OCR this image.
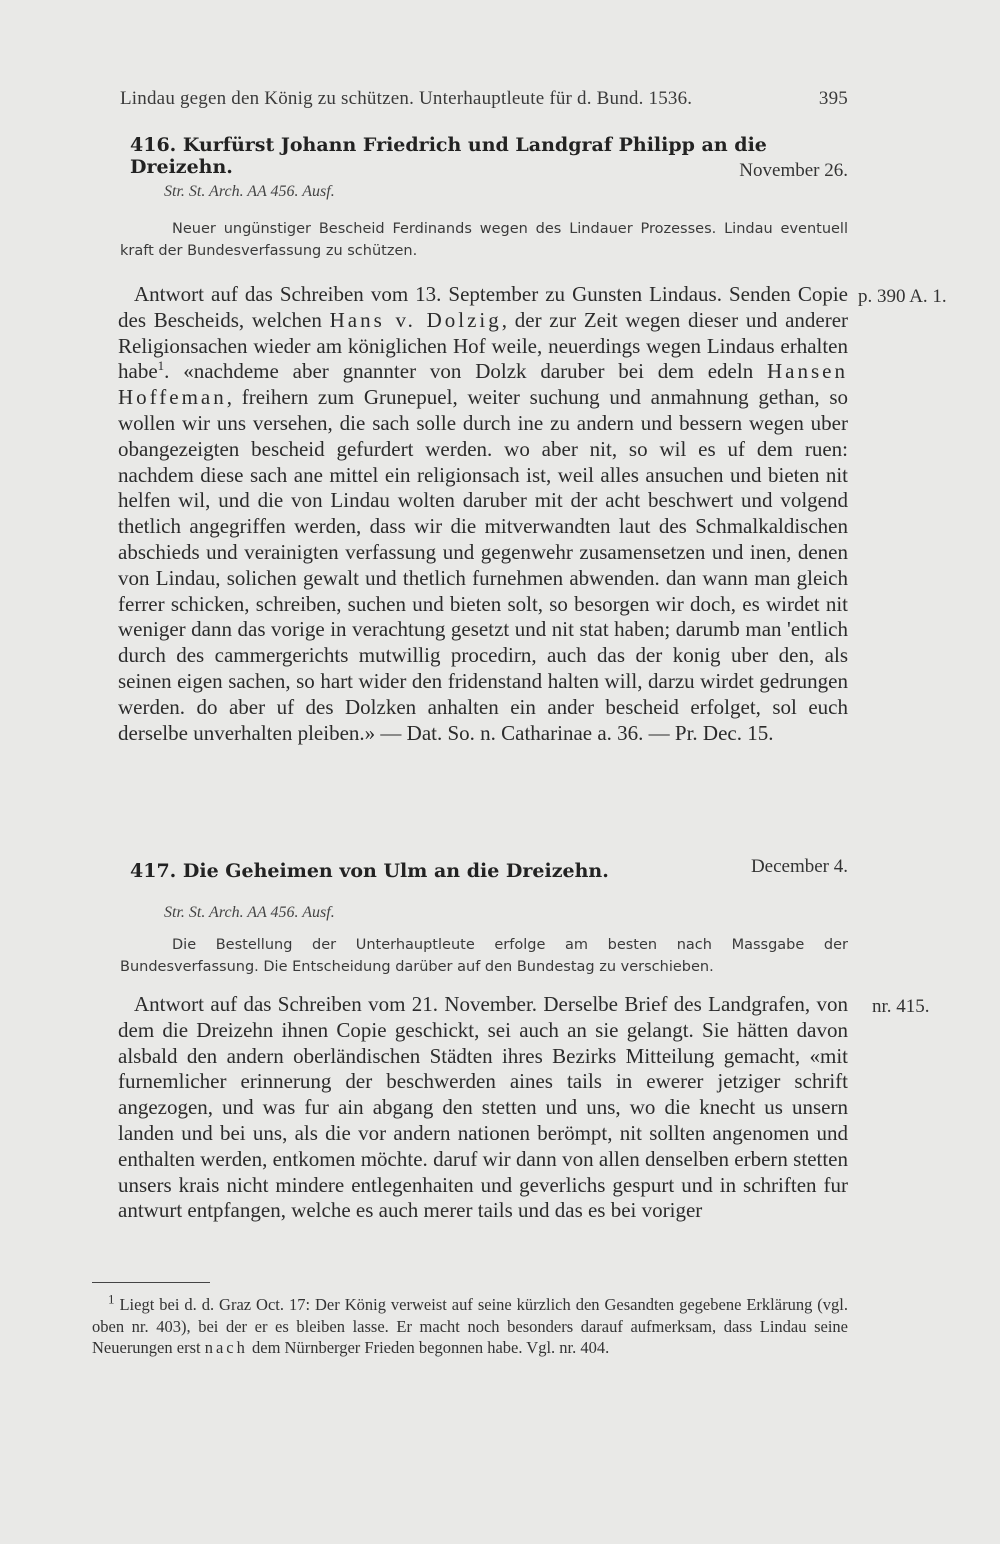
Lindau gegen den König zu schützen. Unterhauptleute für d. Bund. 1536.	395
416. Kurfürst Johann Friedrich und Landgraf Philipp an die Dreizehn.	November 26.
Str. St. Arch. AA 456. Ausf.
Neuer ungünstiger Bescheid Ferdinands wegen des Lindauer Prozesses. Lindau eventuell kraft der Bundesverfassung zu schützen.

Antwort auf das Schreiben vom 13. September zu Gunsten Lindaus. Senden Copie des Bescheids, welchen Hans v. Dolzig, der zur Zeit wegen dieser und anderer Religionsachen wieder am königlichen Hof weile, neuerdings wegen Lindaus erhalten habe$^1$. «nachdeme aber gnannter von Dolzk daruber bei dem edeln Hansen Hoffeman, freihern zum Grunepuel, weiter suchung und anmahnung gethan, so wollen wir uns versehen, die sach solle durch ine zu andern und bessern wegen uber obangezeigten bescheid gefurdert werden. wo aber nit, so wil es uf dem ruen: nachdem diese sach ane mittel ein religionsach ist, weil alles ansuchen und bieten nit helfen wil, und die von Lindau wolten daruber mit der acht beschwert und volgend thetlich angegriffen werden, dass wir die mitverwandten laut des Schmalkaldischen abschieds und verainigten verfassung und gegenwehr zusamensetzen und inen, denen von Lindau, solichen gewalt und thetlich furnehmen abwenden. dan wann man gleich ferrer schicken, schreiben, suchen und bieten solt, so besorgen wir doch, es wirdet nit weniger dann das vorige in verachtung gesetzt und nit stat haben; darumb man 'entlich durch des cammergerichts mutwillig procedirn, auch das der konig uber den, als seinen eigen sachen, so hart wider den fridenstand halten will, darzu wirdet gedrungen werden. do aber uf des Dolzken anhalten ein ander bescheid erfolget, sol euch derselbe unverhalten pleiben.» — Dat. So. n. Catharinae a. 36. — Pr. Dec. 15.

p. 390 A. 1.
417. Die Geheimen von Ulm an die Dreizehn.	December 4.
Str. St. Arch. AA 456. Ausf.
Die Bestellung der Unterhauptleute erfolge am besten nach Massgabe der Bundesverfassung. Die Entscheidung darüber auf den Bundestag zu verschieben.

Antwort auf das Schreiben vom 21. November. Derselbe Brief des Landgrafen, von dem die Dreizehn ihnen Copie geschickt, sei auch an sie gelangt. Sie hätten davon alsbald den andern oberländischen Städten ihres Bezirks Mitteilung gemacht, «mit furnemlicher erinnerung der beschwerden aines tails in ewerer jetziger schrift angezogen, und was fur ain abgang den stetten und uns, wo die knecht us unsern landen und bei uns, als die vor andern nationen berömpt, nit sollten angenomen und enthalten werden, entkomen möchte. daruf wir dann von allen denselben erbern stetten unsers krais nicht mindere entlegenhaiten und geverlichs gespurt und in schriften fur antwurt entpfangen, welche es auch merer tails und das es bei voriger

nr. 415.

$^1$ Liegt bei d. d. Graz Oct. 17: Der König verweist auf seine kürzlich den Gesandten gegebene Erklärung (vgl. oben nr. 403), bei der er es bleiben lasse. Er macht noch besonders darauf aufmerksam, dass Lindau seine Neuerungen erst nach dem Nürnberger Frieden begonnen habe. Vgl. nr. 404.
